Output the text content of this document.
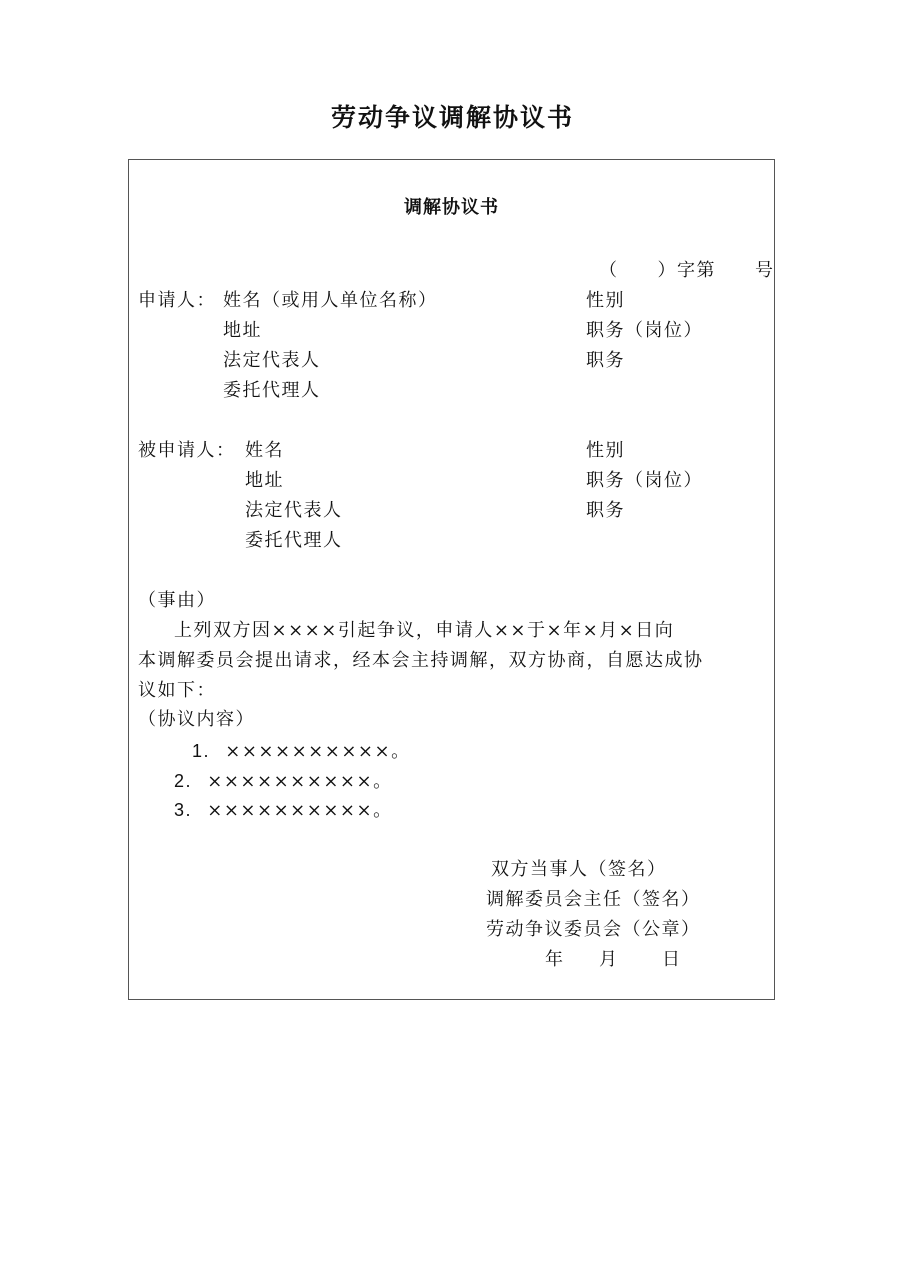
劳动争议调解协议书
调解协议书
（　　）字第　　号
申请人： 姓名（或用人单位名称）	性别
地址	职务（岗位）
法定代表人	职务
委托代理人
被申请人： 姓名	性别
地址	职务（岗位）
法定代表人	职务
委托代理人
（事由）
上列双方因××××引起争议，申请人××于×年×月×日向
本调解委员会提出请求，经本会主持调解，双方协商，自愿达成协
议如下：
（协议内容）
1. ××××××××××。
2. ××××××××××。
3. ××××××××××。
双方当事人（签名）
调解委员会主任（签名）
劳动争议委员会（公章）
年 月 日
